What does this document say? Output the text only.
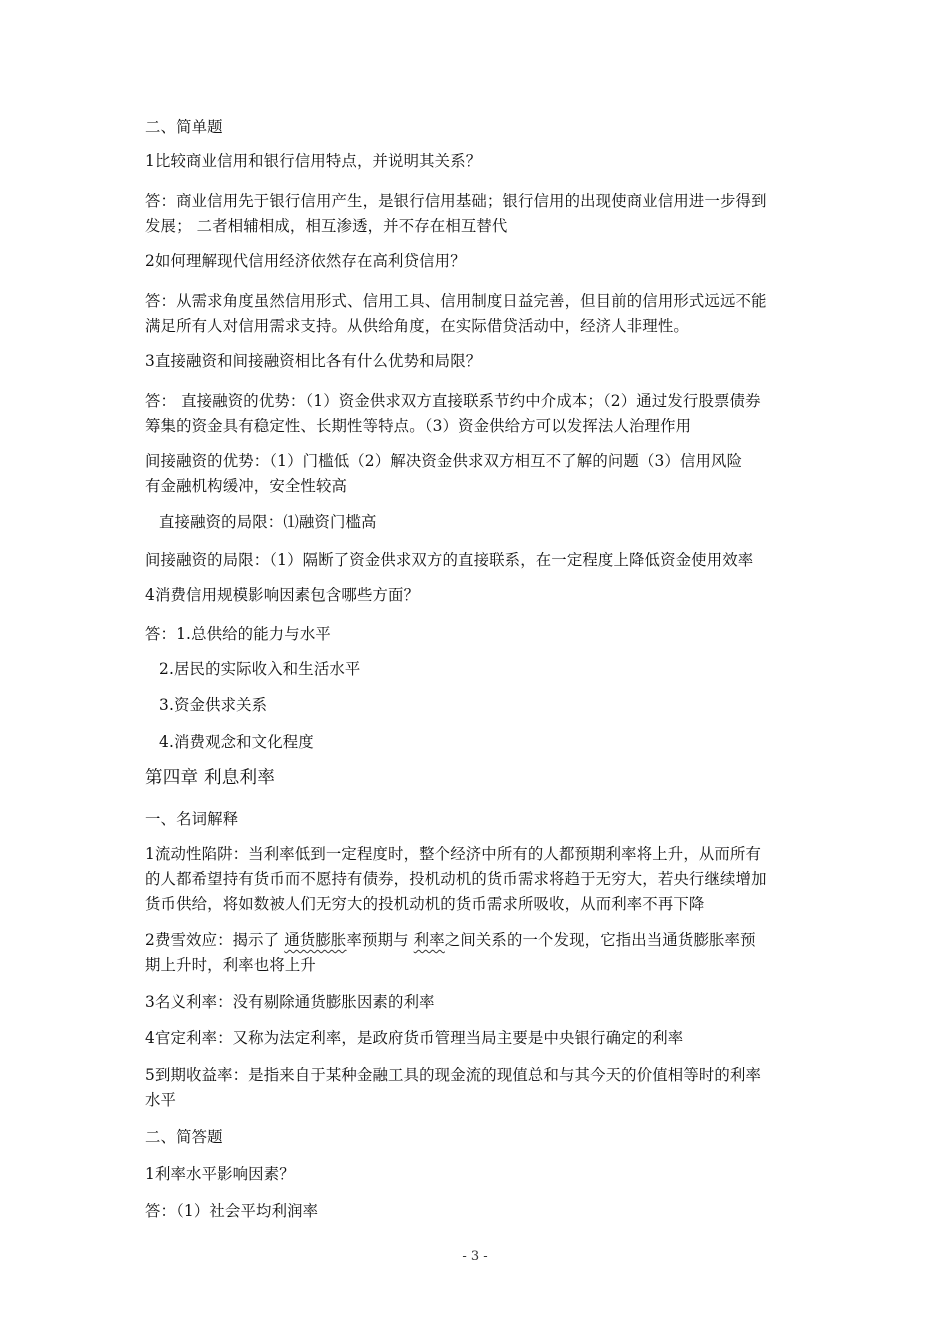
二、简单题
1比较商业信用和银行信用特点，并说明其关系？
答：商业信用先于银行信用产生，是银行信用基础；银行信用的出现使商业信用进一步得到
发展； 二者相辅相成，相互渗透，并不存在相互替代
2如何理解现代信用经济依然存在高利贷信用？
答：从需求角度虽然信用形式、信用工具、信用制度日益完善，但目前的信用形式远远不能
满足所有人对信用需求支持。从供给角度，在实际借贷活动中，经济人非理性。
3直接融资和间接融资相比各有什么优势和局限？
答： 直接融资的优势：（1）资金供求双方直接联系节约中介成本；（2）通过发行股票债券
筹集的资金具有稳定性、长期性等特点。（3）资金供给方可以发挥法人治理作用
间接融资的优势：（1）门槛低（2）解决资金供求双方相互不了解的问题（3）信用风险
有金融机构缓冲，安全性较高
直接融资的局限：⑴融资门槛高
间接融资的局限：（1）隔断了资金供求双方的直接联系，在一定程度上降低资金使用效率
4消费信用规模影响因素包含哪些方面？
答：1.总供给的能力与水平
2.居民的实际收入和生活水平
3.资金供求关系
4.消费观念和文化程度
第四章 利息利率
一、名词解释
1流动性陷阱：当利率低到一定程度时，整个经济中所有的人都预期利率将上升，从而所有
的人都希望持有货币而不愿持有债券，投机动机的货币需求将趋于无穷大，若央行继续增加
货币供给，将如数被人们无穷大的投机动机的货币需求所吸收，从而利率不再下降
2费雪效应：揭示了 通货膨胀率预期与 利率之间关系的一个发现，它指出当通货膨胀率预
期上升时，利率也将上升
3名义利率：没有剔除通货膨胀因素的利率
4官定利率：又称为法定利率，是政府货币管理当局主要是中央银行确定的利率
5到期收益率：是指来自于某种金融工具的现金流的现值总和与其今天的价值相等时的利率
水平
二、简答题
1利率水平影响因素？
答：（1）社会平均利润率
- 3 -
